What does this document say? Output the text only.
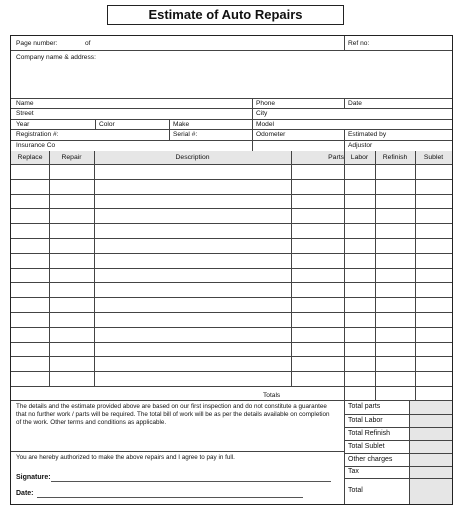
Estimate of Auto Repairs
Page number:	of	Ref no:
Company name & address:
Name	Phone	Date
Street	City
Year	Color	Make	Model
Registration #:	Serial #:	Odometer	Estimated by
Insurance Co	Adjustor
Replace	Repair	Description	Parts Labor	Refinish	Sublet
Totals
The details and the estimate provided above are based on our first inspection and do not constitute a guarantee that no further work / parts will be required. The total bill of work will be as per the details available on completion of the work. Other terms and conditions as applicable.
You are hereby authorized to make the above repairs and I agree to pay in full.
Signature:
Date:
Total parts
Total Labor
Total Refinish
Total Sublet
Other charges
Tax
Total
